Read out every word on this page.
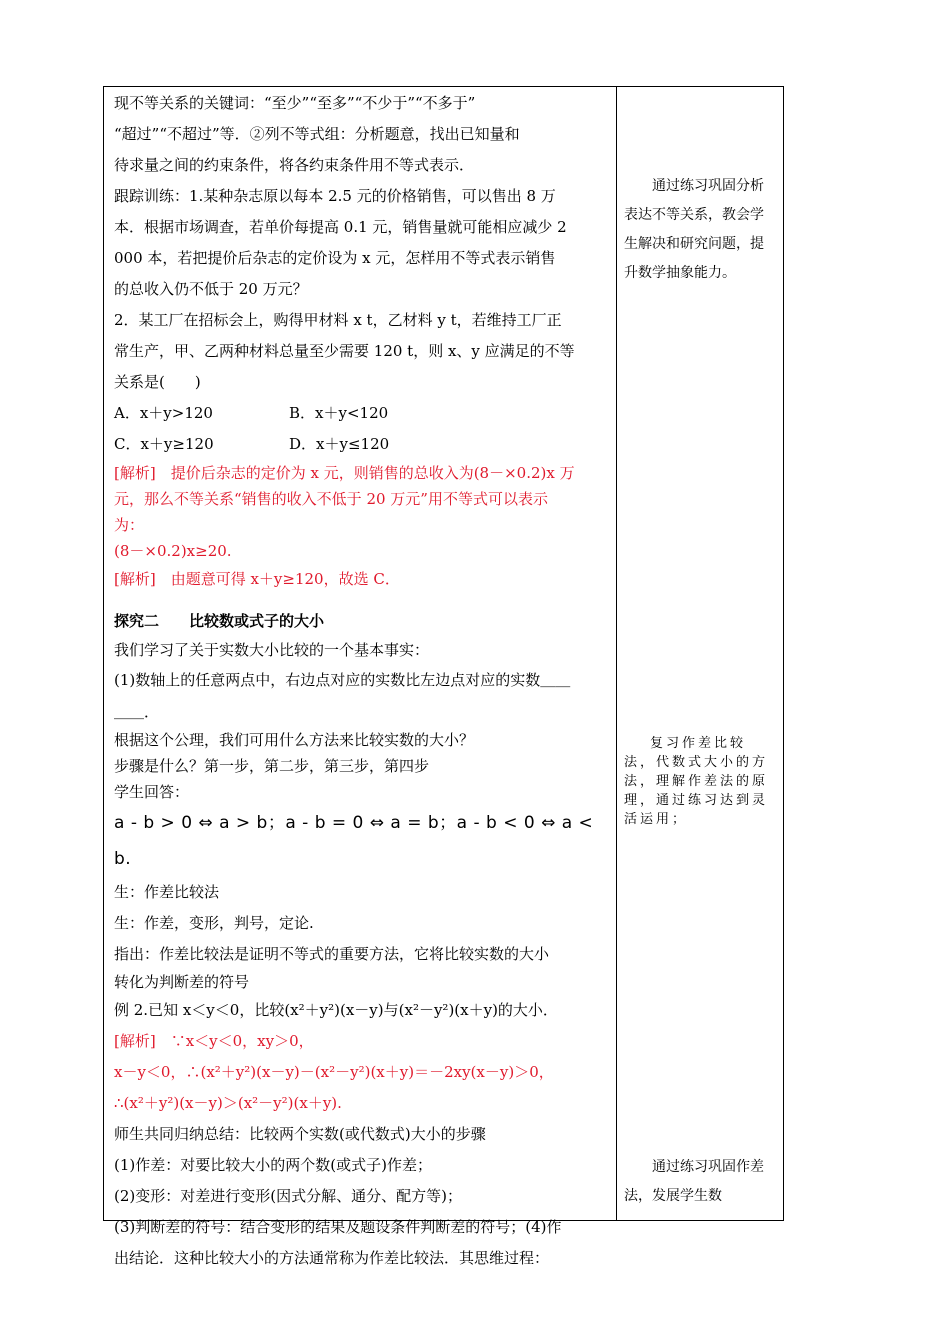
现不等关系的关键词：“至少”“至多”“不少于”“不多于”

“超过”“不超过”等．②列不等式组：分析题意，找出已知量和

待求量之间的约束条件，将各约束条件用不等式表示．

跟踪训练：1.某种杂志原以每本 2.5 元的价格销售，可以售出 8 万

本．根据市场调查，若单价每提高 0.1 元，销售量就可能相应减少 2

000 本，若把提价后杂志的定价设为 x 元，怎样用不等式表示销售

的总收入仍不低于 20 万元？

2．某工厂在招标会上，购得甲材料 x t，乙材料 y t，若维持工厂正

常生产，甲、乙两种材料总量至少需要 120 t，则 x、y 应满足的不等

关系是(　　)

A．x＋y>120	B．x＋y<120
C．x＋y≥120	D．x＋y≤120

[解析]　提价后杂志的定价为 x 元，则销售的总收入为(8－×0.2)x 万

元，那么不等关系“销售的收入不低于 20 万元”用不等式可以表示

为：

(8－×0.2)x≥20.

[解析]　由题意可得 x＋y≥120，故选 C．

探究二　　比较数或式子的大小

我们学习了关于实数大小比较的一个基本事实：

(1)数轴上的任意两点中，右边点对应的实数比左边点对应的实数＿＿

＿＿．

根据这个公理，我们可用什么方法来比较实数的大小？

步骤是什么？第一步，第二步，第三步，第四步

学生回答：

a - b > 0 ⇔ a > b；a - b = 0 ⇔ a = b；a - b < 0 ⇔ a < b.

生：作差比较法

生：作差，变形，判号，定论.

指出：作差比较法是证明不等式的重要方法，它将比较实数的大小

转化为判断差的符号

例 2.已知 x＜y＜0，比较(x²＋y²)(x－y)与(x²－y²)(x＋y)的大小．

[解析]　∵x＜y＜0，xy＞0，

x－y＜0，∴(x²＋y²)(x－y)－(x²－y²)(x＋y)＝－2xy(x－y)＞0，

∴(x²＋y²)(x－y)＞(x²－y²)(x＋y).

师生共同归纳总结：比较两个实数(或代数式)大小的步骤

(1)作差：对要比较大小的两个数(或式子)作差；

(2)变形：对差进行变形(因式分解、通分、配方等)；

(3)判断差的符号：结合变形的结果及题设条件判断差的符号；(4)作

出结论．这种比较大小的方法通常称为作差比较法．其思维过程：

通过练习巩固分析表达不等关系，教会学生解决和研究问题，提升数学抽象能力。
复习作差比较法，代数式大小的方法，理解作差法的原理，通过练习达到灵活运用；
通过练习巩固作差法，发展学生数
